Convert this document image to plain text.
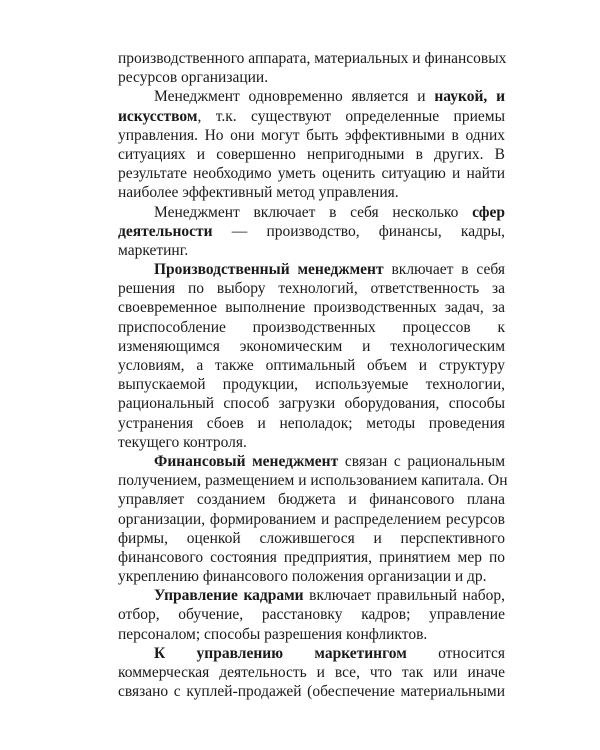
производственного аппарата, материальных и финансовых
ресурсов организации.
Менеджмент одновременно является и наукой, и
искусством, т.к. существуют определенные приемы
управления. Но они могут быть эффективными в одних
ситуациях и совершенно непригодными в других. В
результате необходимо уметь оценить ситуацию и найти
наиболее эффективный метод управления.
Менеджмент включает в себя несколько сфер
деятельности — производство, финансы, кадры,
маркетинг.
Производственный менеджмент включает в себя
решения по выбору технологий, ответственность за
своевременное выполнение производственных задач, за
приспособление производственных процессов к
изменяющимся экономическим и технологическим
условиям, а также оптимальный объем и структуру
выпускаемой продукции, используемые технологии,
рациональный способ загрузки оборудования, способы
устранения сбоев и неполадок; методы проведения
текущего контроля.
Финансовый менеджмент связан с рациональным
получением, размещением и использованием капитала. Он
управляет созданием бюджета и финансового плана
организации, формированием и распределением ресурсов
фирмы, оценкой сложившегося и перспективного
финансового состояния предприятия, принятием мер по
укреплению финансового положения организации и др.
Управление кадрами включает правильный набор,
отбор, обучение, расстановку кадров; управление
персоналом; способы разрешения конфликтов.
К управлению маркетингом относится
коммерческая деятельность и все, что так или иначе
связано с куплей-продажей (обеспечение материальными
